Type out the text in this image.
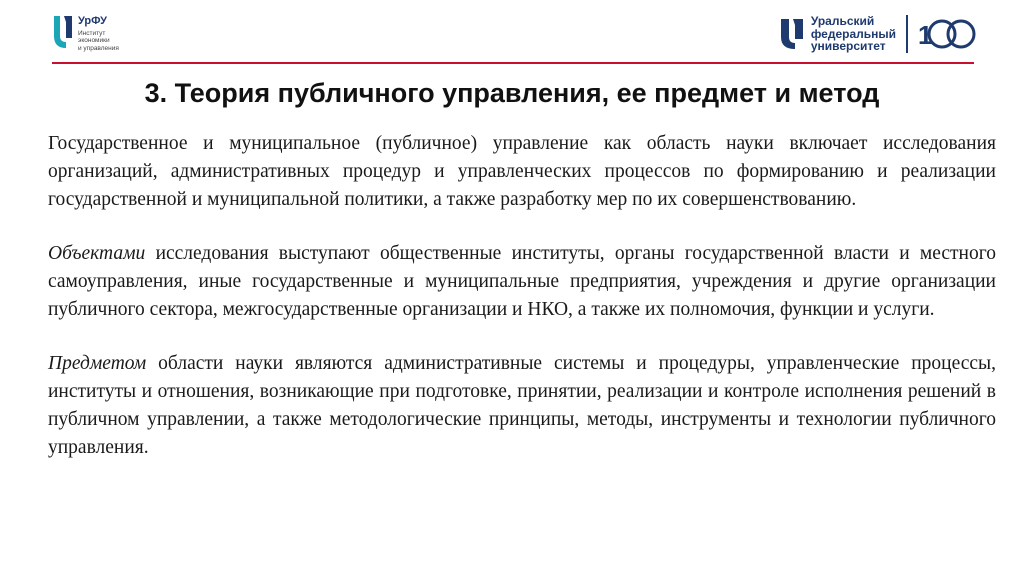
УрФУ
Институт
экономики
и управления
Уральский
федеральный
университет	1
3. Теория публичного управления, ее предмет и метод

Государственное и муниципальное (публичное) управление как область науки включает исследования организаций, административных процедур и управленческих процессов по формированию и реализации государственной и муниципальной политики, а также разработку мер по их совершенствованию.

Объектами исследования выступают общественные институты, органы государственной власти и местного самоуправления, иные государственные и муниципальные предприятия, учреждения и другие организации публичного сектора, межгосударственные организации и НКО, а также их полномочия, функции и услуги.

Предметом области науки являются административные системы и процедуры, управленческие процессы, институты и отношения, возникающие при подготовке, принятии, реализации и контроле исполнения решений в публичном управлении, а также методологические принципы, методы, инструменты и технологии публичного управления.
